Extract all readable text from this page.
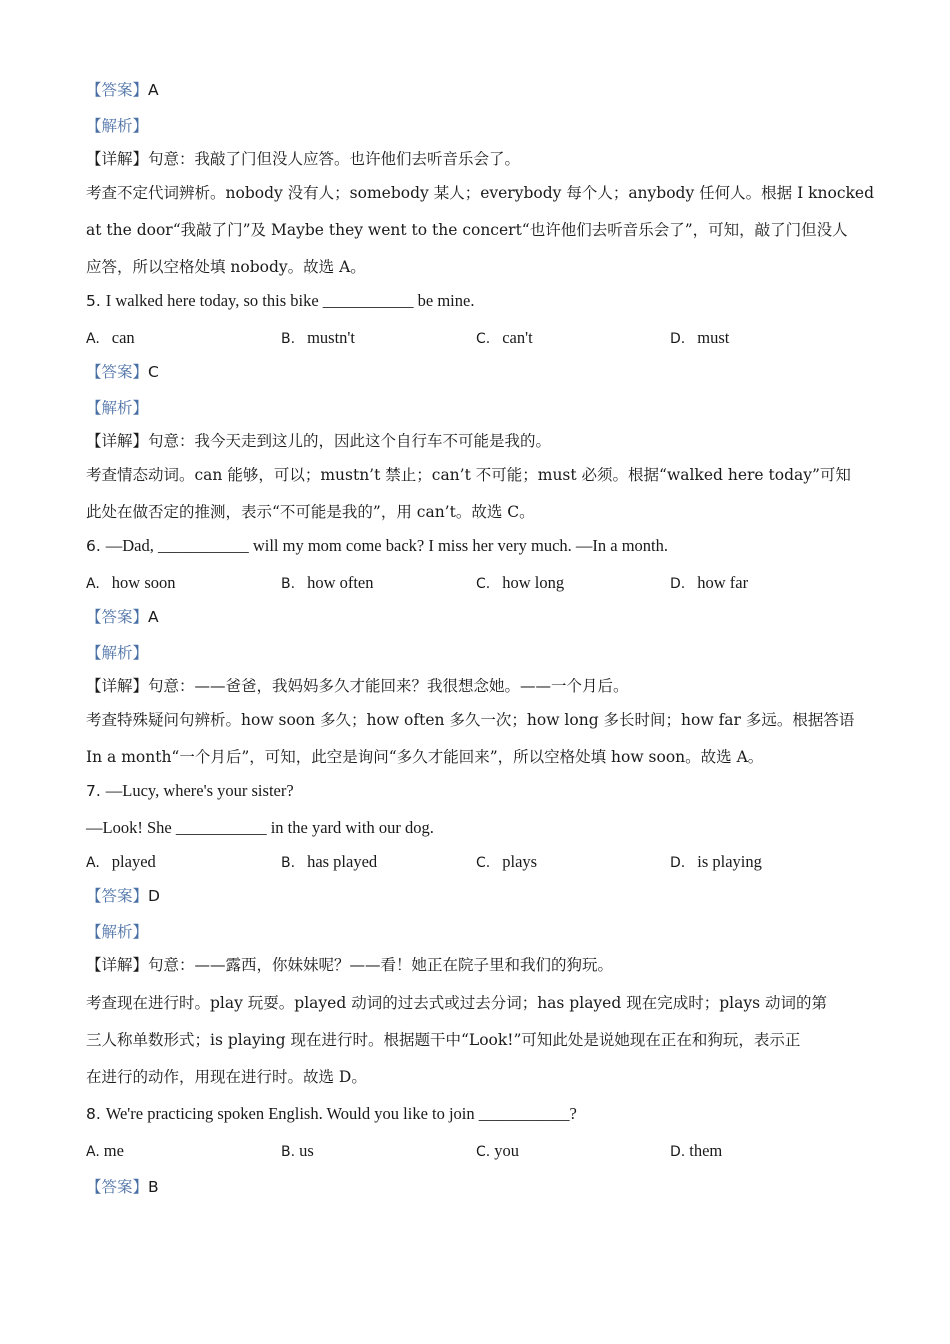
【答案】A
【解析】
【详解】句意：我敲了门但没人应答。也许他们去听音乐会了。
考查不定代词辨析。nobody 没有人；somebody 某人；everybody 每个人；anybody 任何人。根据 I knocked
at the door“我敲了门”及 Maybe they went to the concert“也许他们去听音乐会了”，可知，敲了门但没人
应答，所以空格处填 nobody。故选 A。
5. I walked here today, so this bike ___________ be mine.
A. can	B. mustn't	C. can't	D. must
【答案】C
【解析】
【详解】句意：我今天走到这儿的，因此这个自行车不可能是我的。
考查情态动词。can 能够，可以；mustn’t 禁止；can’t 不可能；must 必须。根据“walked here today”可知
此处在做否定的推测，表示“不可能是我的”，用 can’t。故选 C。
6. —Dad, ___________ will my mom come back? I miss her very much. —In a month.
A. how soon	B. how often	C. how long	D. how far
【答案】A
【解析】
【详解】句意：——爸爸，我妈妈多久才能回来？我很想念她。——一个月后。
考查特殊疑问句辨析。how soon 多久；how often 多久一次；how long 多长时间；how far 多远。根据答语
In a month“一个月后”，可知，此空是询问“多久才能回来”，所以空格处填 how soon。故选 A。
7. —Lucy, where's your sister?
—Look! She ___________ in the yard with our dog.
A. played	B. has played	C. plays	D. is playing
【答案】D
【解析】
【详解】句意：——露西，你妹妹呢？——看！她正在院子里和我们的狗玩。
考查现在进行时。play 玩耍。played 动词的过去式或过去分词；has played 现在完成时；plays 动词的第
三人称单数形式；is playing 现在进行时。根据题干中“Look!”可知此处是说她现在正在和狗玩，表示正
在进行的动作，用现在进行时。故选 D。
8. We're practicing spoken English. Would you like to join ___________?
A. me	B. us	C. you	D. them
【答案】B
